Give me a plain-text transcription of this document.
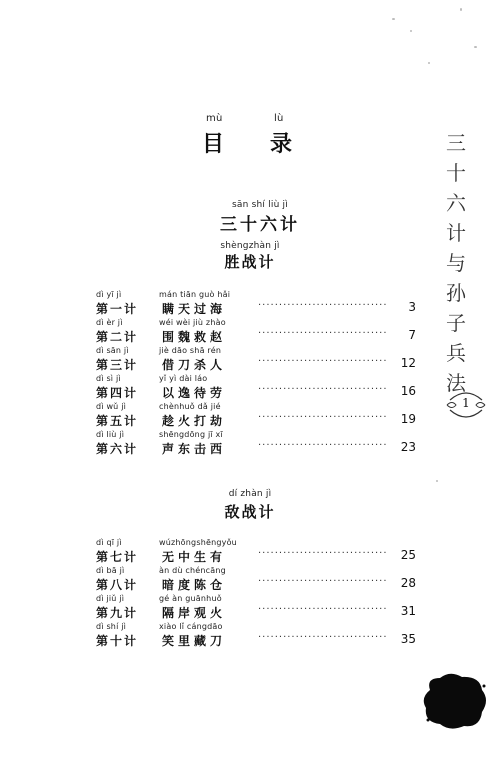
mù	lù
目 录
sān shí liù jì
三十六计
shèngzhàn jì
胜战计
dì yī jì	mán tiān guò hǎi
第一计 瞒天过海	·······························	3
dì èr jì	wéi wèi jiù zhào
第二计 围魏救赵	·······························	7
dì sān jì	jiè dāo shā rén
第三计 借刀杀人	·······························	12
dì sì jì	yǐ yì dài láo
第四计 以逸待劳	·······························	16
dì wǔ jì	chènhuǒ dǎ jié
第五计 趁火打劫	·······························	19
dì liù jì	shēngdōng jī xī
第六计 声东击西	·······························	23
dí zhàn jì
敌战计
dì qī jì	wúzhōngshēngyǒu
第七计 无中生有	·······························	25
dì bā jì	àn dù chéncāng
第八计 暗度陈仓	·······························	28
dì jiǔ jì	gé àn guānhuǒ
第九计 隔岸观火	·······························	31
dì shí jì	xiào lǐ cángdāo
第十计 笑里藏刀	·······························	35
三
十
六
计
与
孙
子
兵
法
1
